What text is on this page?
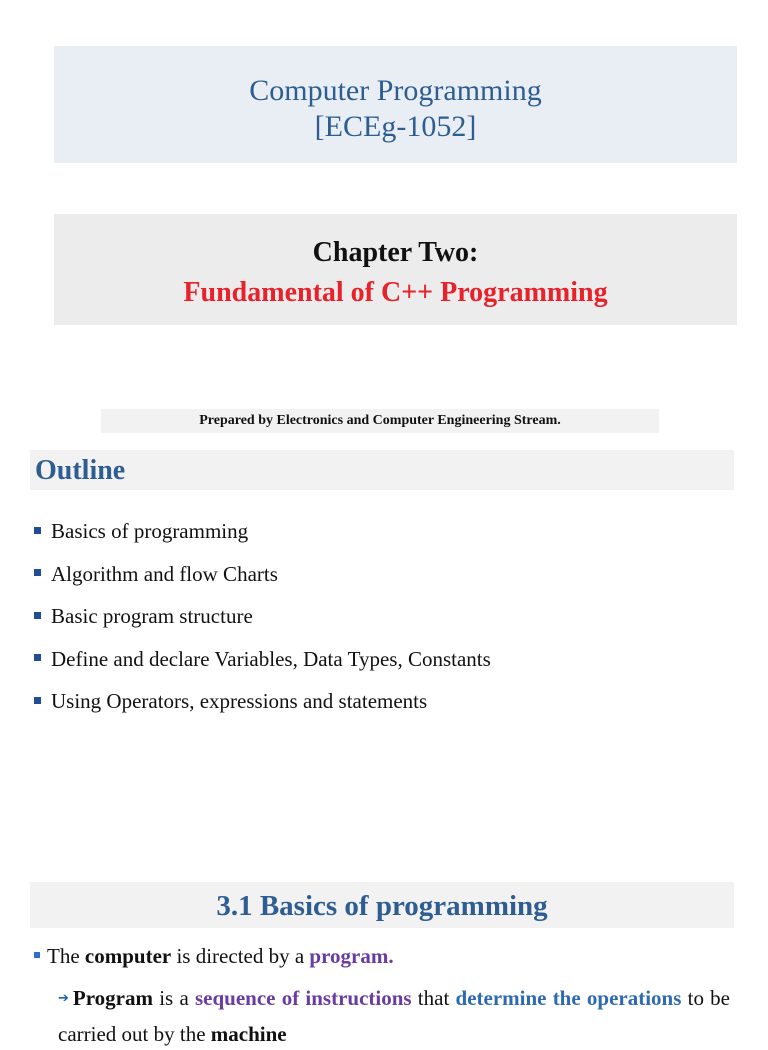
Computer Programming
[ECEg-1052]
Chapter Two:
Fundamental of C++ Programming
Prepared by Electronics and Computer Engineering Stream.
Outline
Basics of programming
Algorithm and flow Charts
Basic program structure
Define and declare Variables, Data Types, Constants
Using Operators, expressions and statements
3.1 Basics of programming
The computer is directed by a program.
➔ Program is a sequence of instructions that determine the operations to be carried out by the machine
